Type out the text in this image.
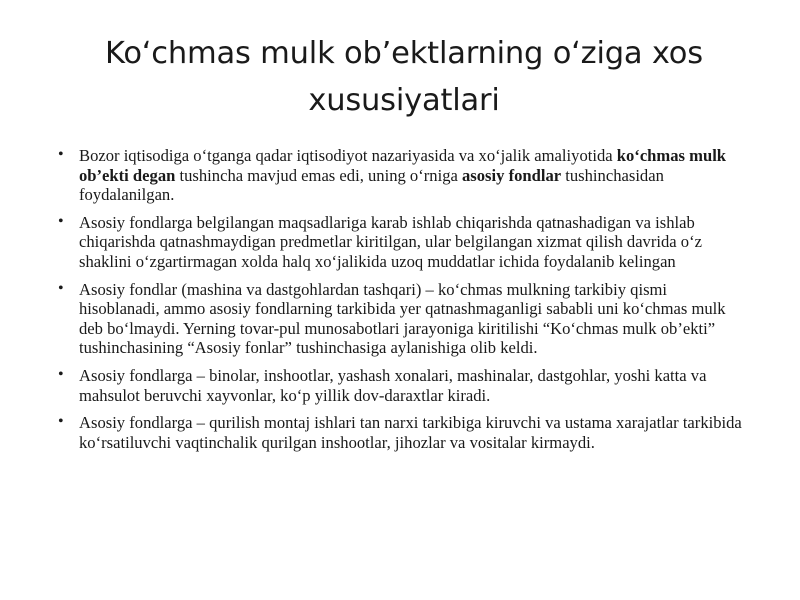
Ko‘chmas mulk ob’ektlarning o‘ziga xos
xususiyatlari
• Bozor iqtisodiga o‘tganga qadar iqtisodiyot nazariyasida va xo‘jalik amaliyotida ko‘chmas mulk ob’ekti degan tushincha mavjud emas edi, uning o‘rniga asosiy fondlar tushinchasidan foydalanilgan.
• Asosiy fondlarga belgilangan maqsadlariga karab ishlab chiqarishda qatnashadigan va ishlab chiqarishda qatnashmaydigan predmetlar kiritilgan, ular belgilangan xizmat qilish davrida o‘z shaklini o‘zgartirmagan xolda halq xo‘jalikida uzoq muddatlar ichida foydalanib kelingan
• Asosiy fondlar (mashina va dastgohlardan tashqari) – ko‘chmas mulkning tarkibiy qismi hisoblanadi, ammo asosiy fondlarning tarkibida yer qatnashmaganligi sababli uni ko‘chmas mulk deb bo‘lmaydi. Yerning tovar-pul munosabotlari jarayoniga kiritilishi “Ko‘chmas mulk ob’ekti” tushinchasining “Asosiy fonlar” tushinchasiga aylanishiga olib keldi.
• Asosiy fondlarga – binolar, inshootlar, yashash xonalari, mashinalar, dastgohlar, yoshi katta va mahsulot beruvchi xayvonlar, ko‘p yillik dov-daraxtlar kiradi.
• Asosiy fondlarga – qurilish montaj ishlari tan narxi tarkibiga kiruvchi va ustama xarajatlar tarkibida ko‘rsatiluvchi vaqtinchalik qurilgan inshootlar, jihozlar va vositalar kirmaydi.
